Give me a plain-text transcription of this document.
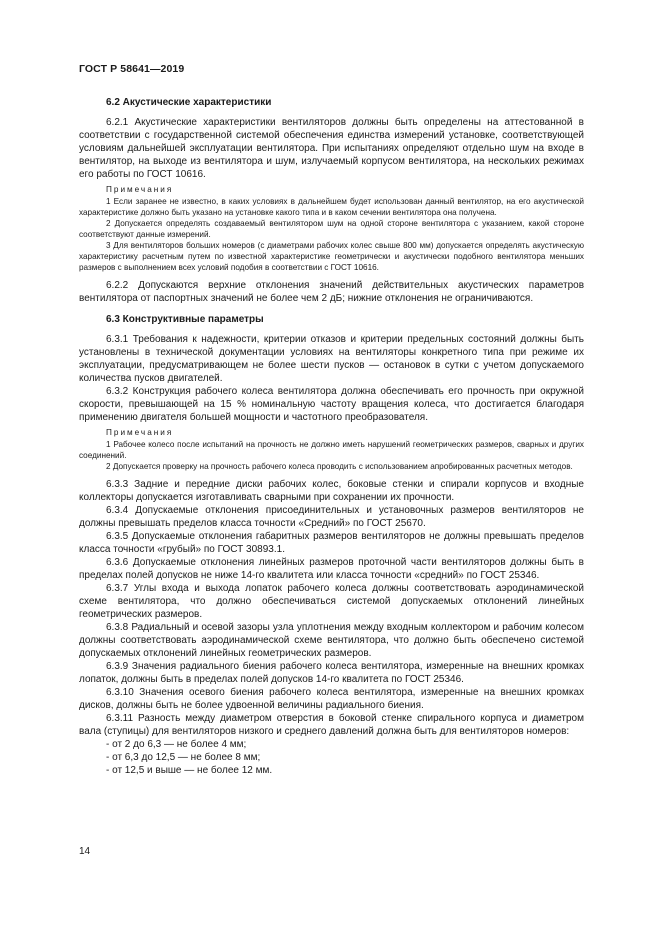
ГОСТ Р 58641—2019

6.2 Акустические характеристики

6.2.1 Акустические характеристики вентиляторов должны быть определены на аттестованной в соответствии с государственной системой обеспечения единства измерений установке, соответствующей условиям дальнейшей эксплуатации вентилятора. При испытаниях определяют отдельно шум на входе в вентилятор, на выходе из вентилятора и шум, излучаемый корпусом вентилятора, на нескольких режимах его работы по ГОСТ 10616.

Примечания

1 Если заранее не известно, в каких условиях в дальнейшем будет использован данный вентилятор, на его акустической характеристике должно быть указано на установке какого типа и в каком сечении вентилятора она получена.

2 Допускается определять создаваемый вентилятором шум на одной стороне вентилятора с указанием, какой стороне соответствуют данные измерений.

3 Для вентиляторов больших номеров (с диаметрами рабочих колес свыше 800 мм) допускается определять акустическую характеристику расчетным путем по известной характеристике геометрически и акустически подобного вентилятора меньших размеров с выполнением всех условий подобия в соответствии с ГОСТ 10616.

6.2.2 Допускаются верхние отклонения значений действительных акустических параметров вентилятора от паспортных значений не более чем 2 дБ; нижние отклонения не ограничиваются.

6.3 Конструктивные параметры

6.3.1 Требования к надежности, критерии отказов и критерии предельных состояний должны быть установлены в технической документации условиях на вентиляторы конкретного типа при режиме их эксплуатации, предусматривающем не более шести пусков — остановок в сутки с учетом допускаемого количества пусков двигателей.

6.3.2 Конструкция рабочего колеса вентилятора должна обеспечивать его прочность при окружной скорости, превышающей на 15 % номинальную частоту вращения колеса, что достигается благодаря применению двигателя большей мощности и частотного преобразователя.

Примечания

1 Рабочее колесо после испытаний на прочность не должно иметь нарушений геометрических размеров, сварных и других соединений.

2 Допускается проверку на прочность рабочего колеса проводить с использованием апробированных расчетных методов.

6.3.3 Задние и передние диски рабочих колес, боковые стенки и спирали корпусов и входные коллекторы допускается изготавливать сварными при сохранении их прочности.

6.3.4 Допускаемые отклонения присоединительных и установочных размеров вентиляторов не должны превышать пределов класса точности «Средний» по ГОСТ 25670.

6.3.5 Допускаемые отклонения габаритных размеров вентиляторов не должны превышать пределов класса точности «грубый» по ГОСТ 30893.1.

6.3.6 Допускаемые отклонения линейных размеров проточной части вентиляторов должны быть в пределах полей допусков не ниже 14-го квалитета или класса точности «средний» по ГОСТ 25346.

6.3.7 Углы входа и выхода лопаток рабочего колеса должны соответствовать аэродинамической схеме вентилятора, что должно обеспечиваться системой допускаемых отклонений линейных геометрических размеров.

6.3.8 Радиальный и осевой зазоры узла уплотнения между входным коллектором и рабочим колесом должны соответствовать аэродинамической схеме вентилятора, что должно быть обеспечено системой допускаемых отклонений линейных геометрических размеров.

6.3.9 Значения радиального биения рабочего колеса вентилятора, измеренные на внешних кромках лопаток, должны быть в пределах полей допусков 14-го квалитета по ГОСТ 25346.

6.3.10 Значения осевого биения рабочего колеса вентилятора, измеренные на внешних кромках дисков, должны быть не более удвоенной величины радиального биения.

6.3.11 Разность между диаметром отверстия в боковой стенке спирального корпуса и диаметром вала (ступицы) для вентиляторов низкого и среднего давлений должна быть для вентиляторов номеров:

- от 2 до 6,3 — не более 4 мм;

- от 6,3 до 12,5 — не более 8 мм;

- от 12,5 и выше — не более 12 мм.

14
